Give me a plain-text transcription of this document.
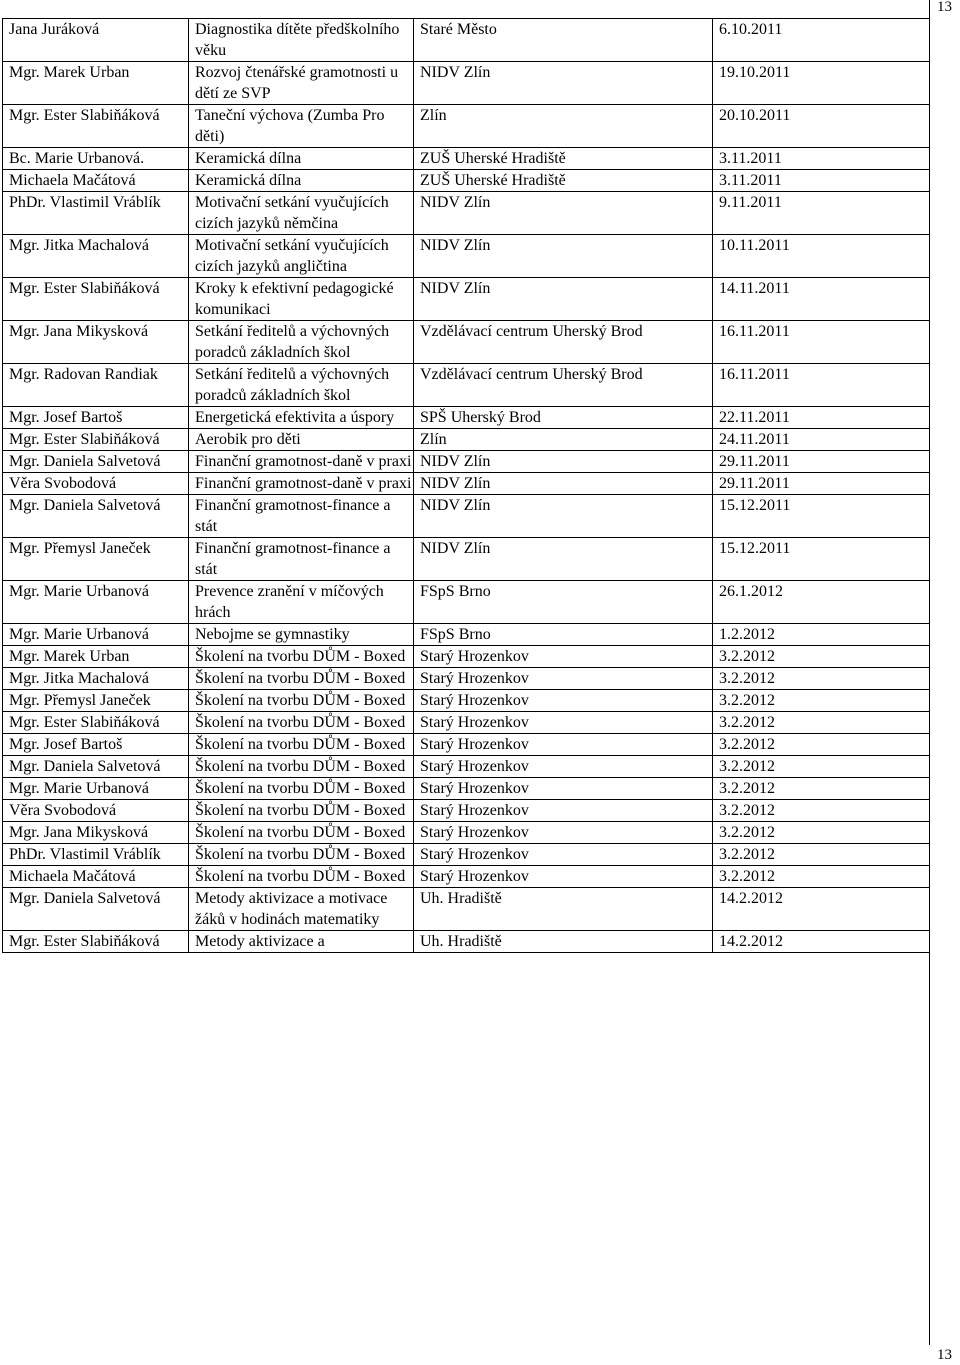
13
Jana Juráková	Diagnostika dítěte předškolního věku	Staré Město	6.10.2011
Mgr. Marek Urban	Rozvoj čtenářské gramotnosti u dětí ze SVP	NIDV Zlín	19.10.2011
Mgr. Ester Slabiňáková	Taneční výchova (Zumba Pro děti)	Zlín	20.10.2011
Bc. Marie Urbanová.	Keramická dílna	ZUŠ Uherské Hradiště	3.11.2011
Michaela Mačátová	Keramická dílna	ZUŠ Uherské Hradiště	3.11.2011
PhDr. Vlastimil Vráblík	Motivační setkání vyučujících cizích jazyků němčina	NIDV Zlín	9.11.2011
Mgr. Jitka Machalová	Motivační setkání vyučujících cizích jazyků angličtina	NIDV Zlín	10.11.2011
Mgr. Ester Slabiňáková	Kroky k efektivní pedagogické komunikaci	NIDV Zlín	14.11.2011
Mgr. Jana Mikysková	Setkání ředitelů a výchovných poradců základních škol	Vzdělávací centrum Uherský Brod	16.11.2011
Mgr. Radovan Randiak	Setkání ředitelů a výchovných poradců základních škol	Vzdělávací centrum Uherský Brod	16.11.2011
Mgr. Josef Bartoš	Energetická efektivita a úspory	SPŠ Uherský Brod	22.11.2011
Mgr. Ester Slabiňáková	Aerobik pro děti	Zlín	24.11.2011
Mgr. Daniela Salvetová	Finanční gramotnost-daně v praxi	NIDV Zlín	29.11.2011
Věra Svobodová	Finanční gramotnost-daně v praxi	NIDV Zlín	29.11.2011
Mgr. Daniela Salvetová	Finanční gramotnost-finance a stát	NIDV Zlín	15.12.2011
Mgr. Přemysl Janeček	Finanční gramotnost-finance a stát	NIDV Zlín	15.12.2011
Mgr. Marie Urbanová	Prevence zranění v míčových hrách	FSpS Brno	26.1.2012
Mgr. Marie Urbanová	Nebojme se gymnastiky	FSpS Brno	1.2.2012
Mgr. Marek Urban	Školení na tvorbu DŮM - Boxed	Starý Hrozenkov	3.2.2012
Mgr. Jitka Machalová	Školení na tvorbu DŮM - Boxed	Starý Hrozenkov	3.2.2012
Mgr. Přemysl Janeček	Školení na tvorbu DŮM - Boxed	Starý Hrozenkov	3.2.2012
Mgr. Ester Slabiňáková	Školení na tvorbu DŮM - Boxed	Starý Hrozenkov	3.2.2012
Mgr. Josef Bartoš	Školení na tvorbu DŮM - Boxed	Starý Hrozenkov	3.2.2012
Mgr. Daniela Salvetová	Školení na tvorbu DŮM - Boxed	Starý Hrozenkov	3.2.2012
Mgr. Marie Urbanová	Školení na tvorbu DŮM - Boxed	Starý Hrozenkov	3.2.2012
Věra Svobodová	Školení na tvorbu DŮM - Boxed	Starý Hrozenkov	3.2.2012
Mgr. Jana Mikysková	Školení na tvorbu DŮM - Boxed	Starý Hrozenkov	3.2.2012
PhDr. Vlastimil Vráblík	Školení na tvorbu DŮM - Boxed	Starý Hrozenkov	3.2.2012
Michaela Mačátová	Školení na tvorbu DŮM - Boxed	Starý Hrozenkov	3.2.2012
Mgr. Daniela Salvetová	Metody aktivizace a motivace žáků v hodinách matematiky	Uh. Hradiště	14.2.2012
Mgr. Ester Slabiňáková	Metody aktivizace a	Uh. Hradiště	14.2.2012
13
